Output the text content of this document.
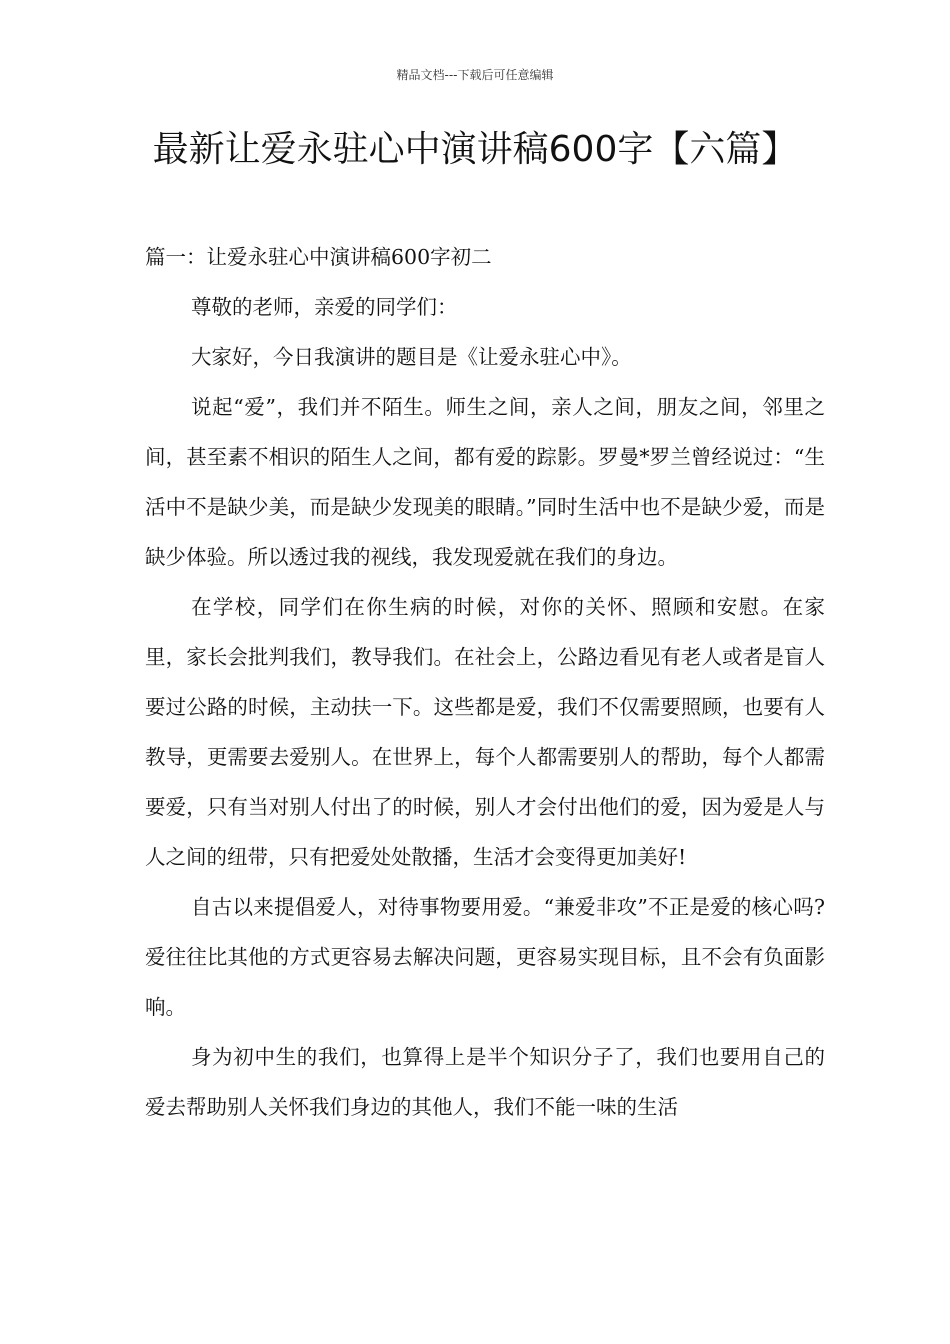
精品文档---下载后可任意编辑
最新让爱永驻心中演讲稿600字【六篇】

篇一：让爱永驻心中演讲稿600字初二

尊敬的老师，亲爱的同学们：

大家好，今日我演讲的题目是《让爱永驻心中》。

说起“爱”，我们并不陌生。师生之间，亲人之间，朋友之间，邻里之间，甚至素不相识的陌生人之间，都有爱的踪影。罗曼*罗兰曾经说过：“生活中不是缺少美，而是缺少发现美的眼睛。”同时生活中也不是缺少爱，而是缺少体验。所以透过我的视线，我发现爱就在我们的身边。

在学校，同学们在你生病的时候，对你的关怀、照顾和安慰。在家里，家长会批判我们，教导我们。在社会上，公路边看见有老人或者是盲人要过公路的时候，主动扶一下。这些都是爱，我们不仅需要照顾，也要有人教导，更需要去爱别人。在世界上，每个人都需要别人的帮助，每个人都需要爱，只有当对别人付出了的时候，别人才会付出他们的爱，因为爱是人与人之间的纽带，只有把爱处处散播，生活才会变得更加美好!

自古以来提倡爱人，对待事物要用爱。“兼爱非攻”不正是爱的核心吗?爱往往比其他的方式更容易去解决问题，更容易实现目标，且不会有负面影响。

身为初中生的我们，也算得上是半个知识分子了，我们也要用自己的爱去帮助别人关怀我们身边的其他人，我们不能一味的生活
